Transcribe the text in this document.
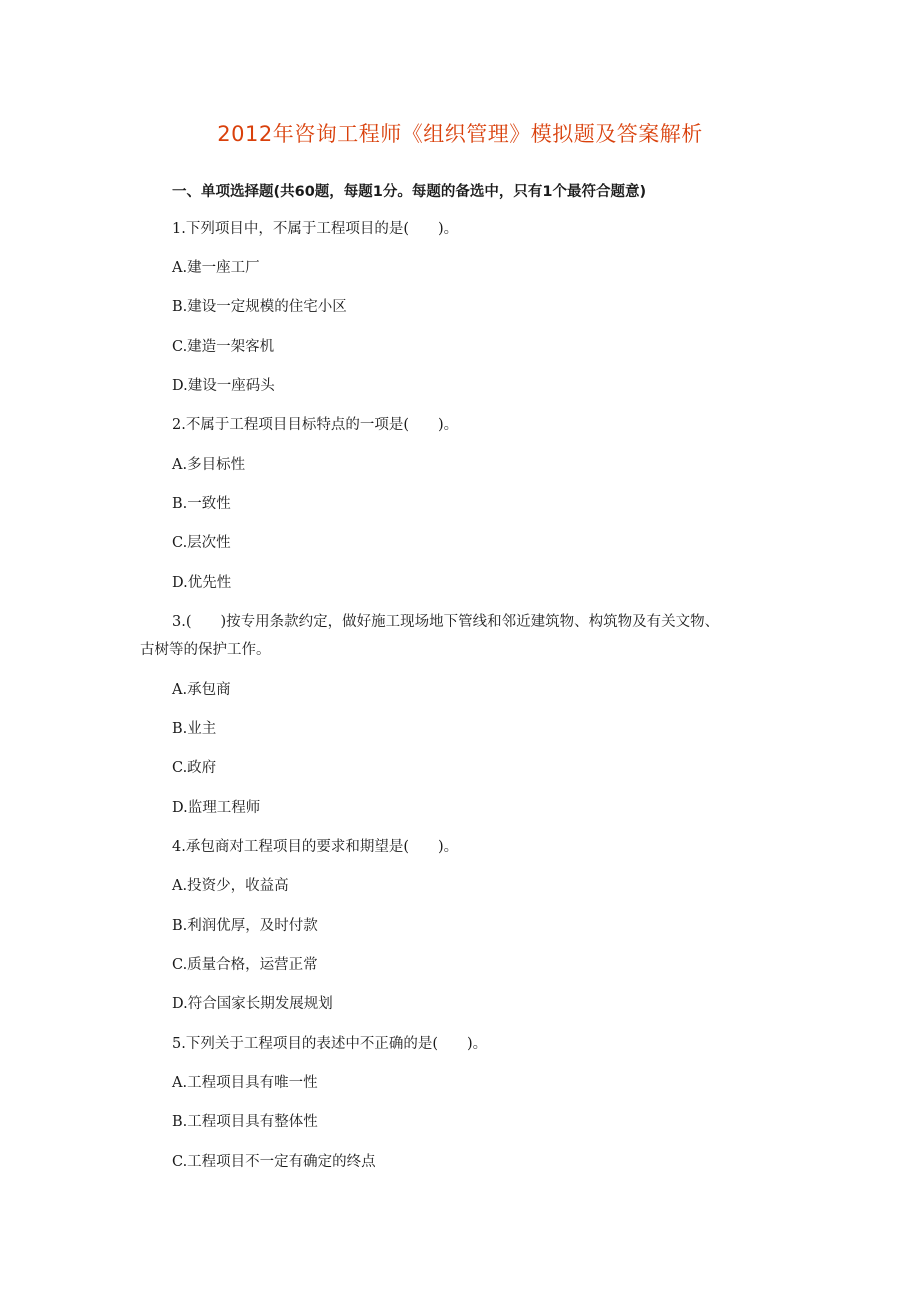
2012年咨询工程师《组织管理》模拟题及答案解析
一、单项选择题(共60题，每题1分。每题的备选中，只有1个最符合题意)
1.下列项目中，不属于工程项目的是(　　)。
A.建一座工厂
B.建设一定规模的住宅小区
C.建造一架客机
D.建设一座码头
2.不属于工程项目目标特点的一项是(　　)。
A.多目标性
B.一致性
C.层次性
D.优先性
3.(　　)按专用条款约定，做好施工现场地下管线和邻近建筑物、构筑物及有关文物、
古树等的保护工作。
A.承包商
B.业主
C.政府
D.监理工程师
4.承包商对工程项目的要求和期望是(　　)。
A.投资少，收益高
B.利润优厚，及时付款
C.质量合格，运营正常
D.符合国家长期发展规划
5.下列关于工程项目的表述中不正确的是(　　)。
A.工程项目具有唯一性
B.工程项目具有整体性
C.工程项目不一定有确定的终点
